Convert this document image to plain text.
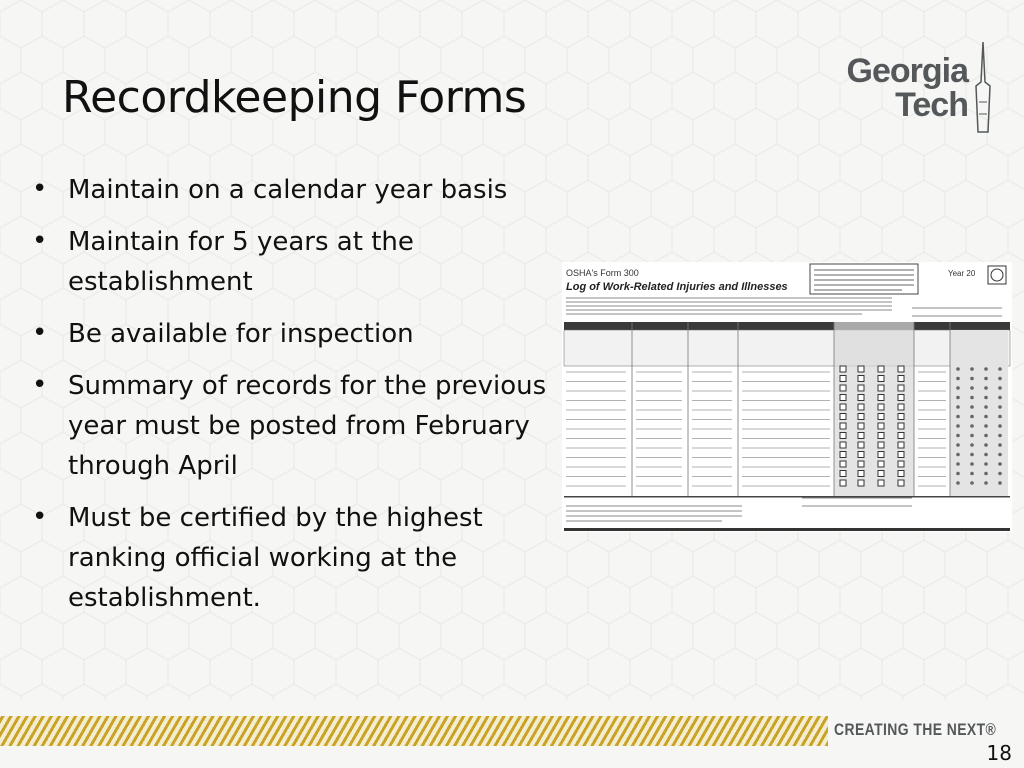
Recordkeeping Forms
Georgia
Tech
• Maintain on a calendar year basis
• Maintain for 5 years at the establishment
• Be available for inspection
• Summary of records for the previous year must be posted from February through April
• Must be certified by the highest ranking official working at the establishment.
OSHA's Form 300
Log of Work-Related Injuries and Illnesses
Year 20
CREATING THE NEXT®
18
